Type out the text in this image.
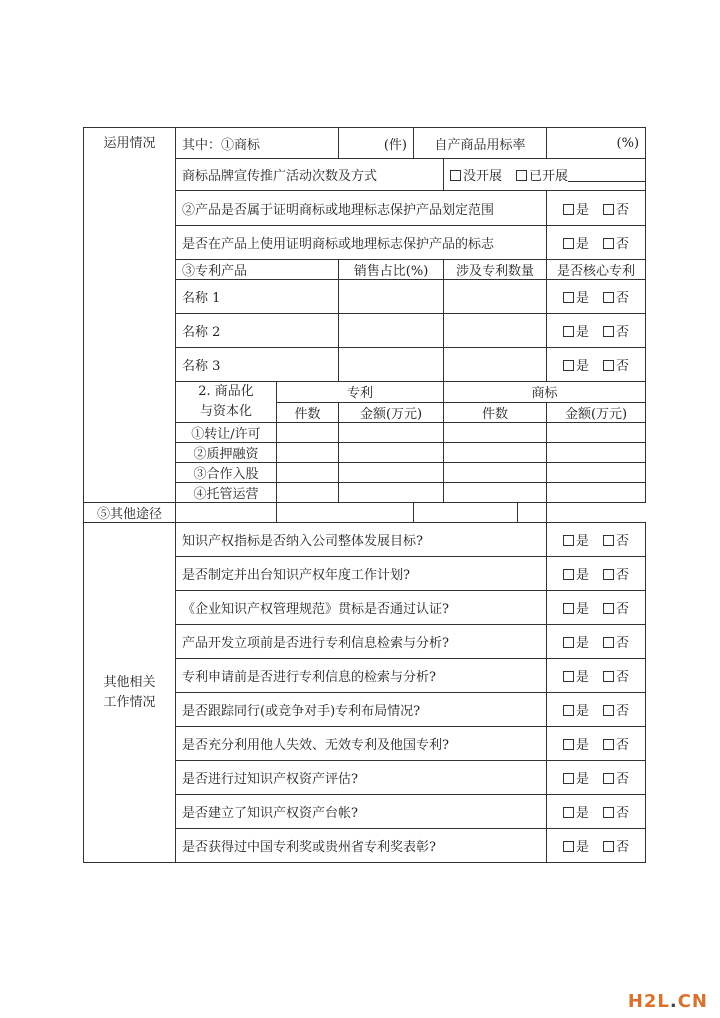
运用情况	其中：①商标		(件)	自产商品用标率			(%)
	商标品牌宣传推广活动次数及方式				没开展 已开展		
	②产品是否属于证明商标或地理标志保护产品划定范围						是 否
	是否在产品上使用证明商标或地理标志保护产品的标志						是 否
	③专利产品		销售占比(%)		涉及专利数量		是否核心专利
	名称 1						是 否
	名称 2						是 否
	名称 3						是 否
	2. 商品化
与资本化	专利			商标		
		件数	金额(万元)		件数		金额(万元)
	①转让/许可						
	②质押融资						
	③合作入股						
	④托管运营						
⑤其他途径							
其他相关
工作情况	知识产权指标是否纳入公司整体发展目标?						是 否
	是否制定并出台知识产权年度工作计划?						是 否
	《企业知识产权管理规范》贯标是否通过认证?						是 否
	产品开发立项前是否进行专利信息检索与分析?						是 否
	专利申请前是否进行专利信息的检索与分析?						是 否
	是否跟踪同行(或竞争对手)专利布局情况?						是 否
	是否充分利用他人失效、无效专利及他国专利?						是 否
	是否进行过知识产权资产评估?						是 否
	是否建立了知识产权资产台帐?						是 否
	是否获得过中国专利奖或贵州省专利奖表彰?						是 否
H2L.CN
